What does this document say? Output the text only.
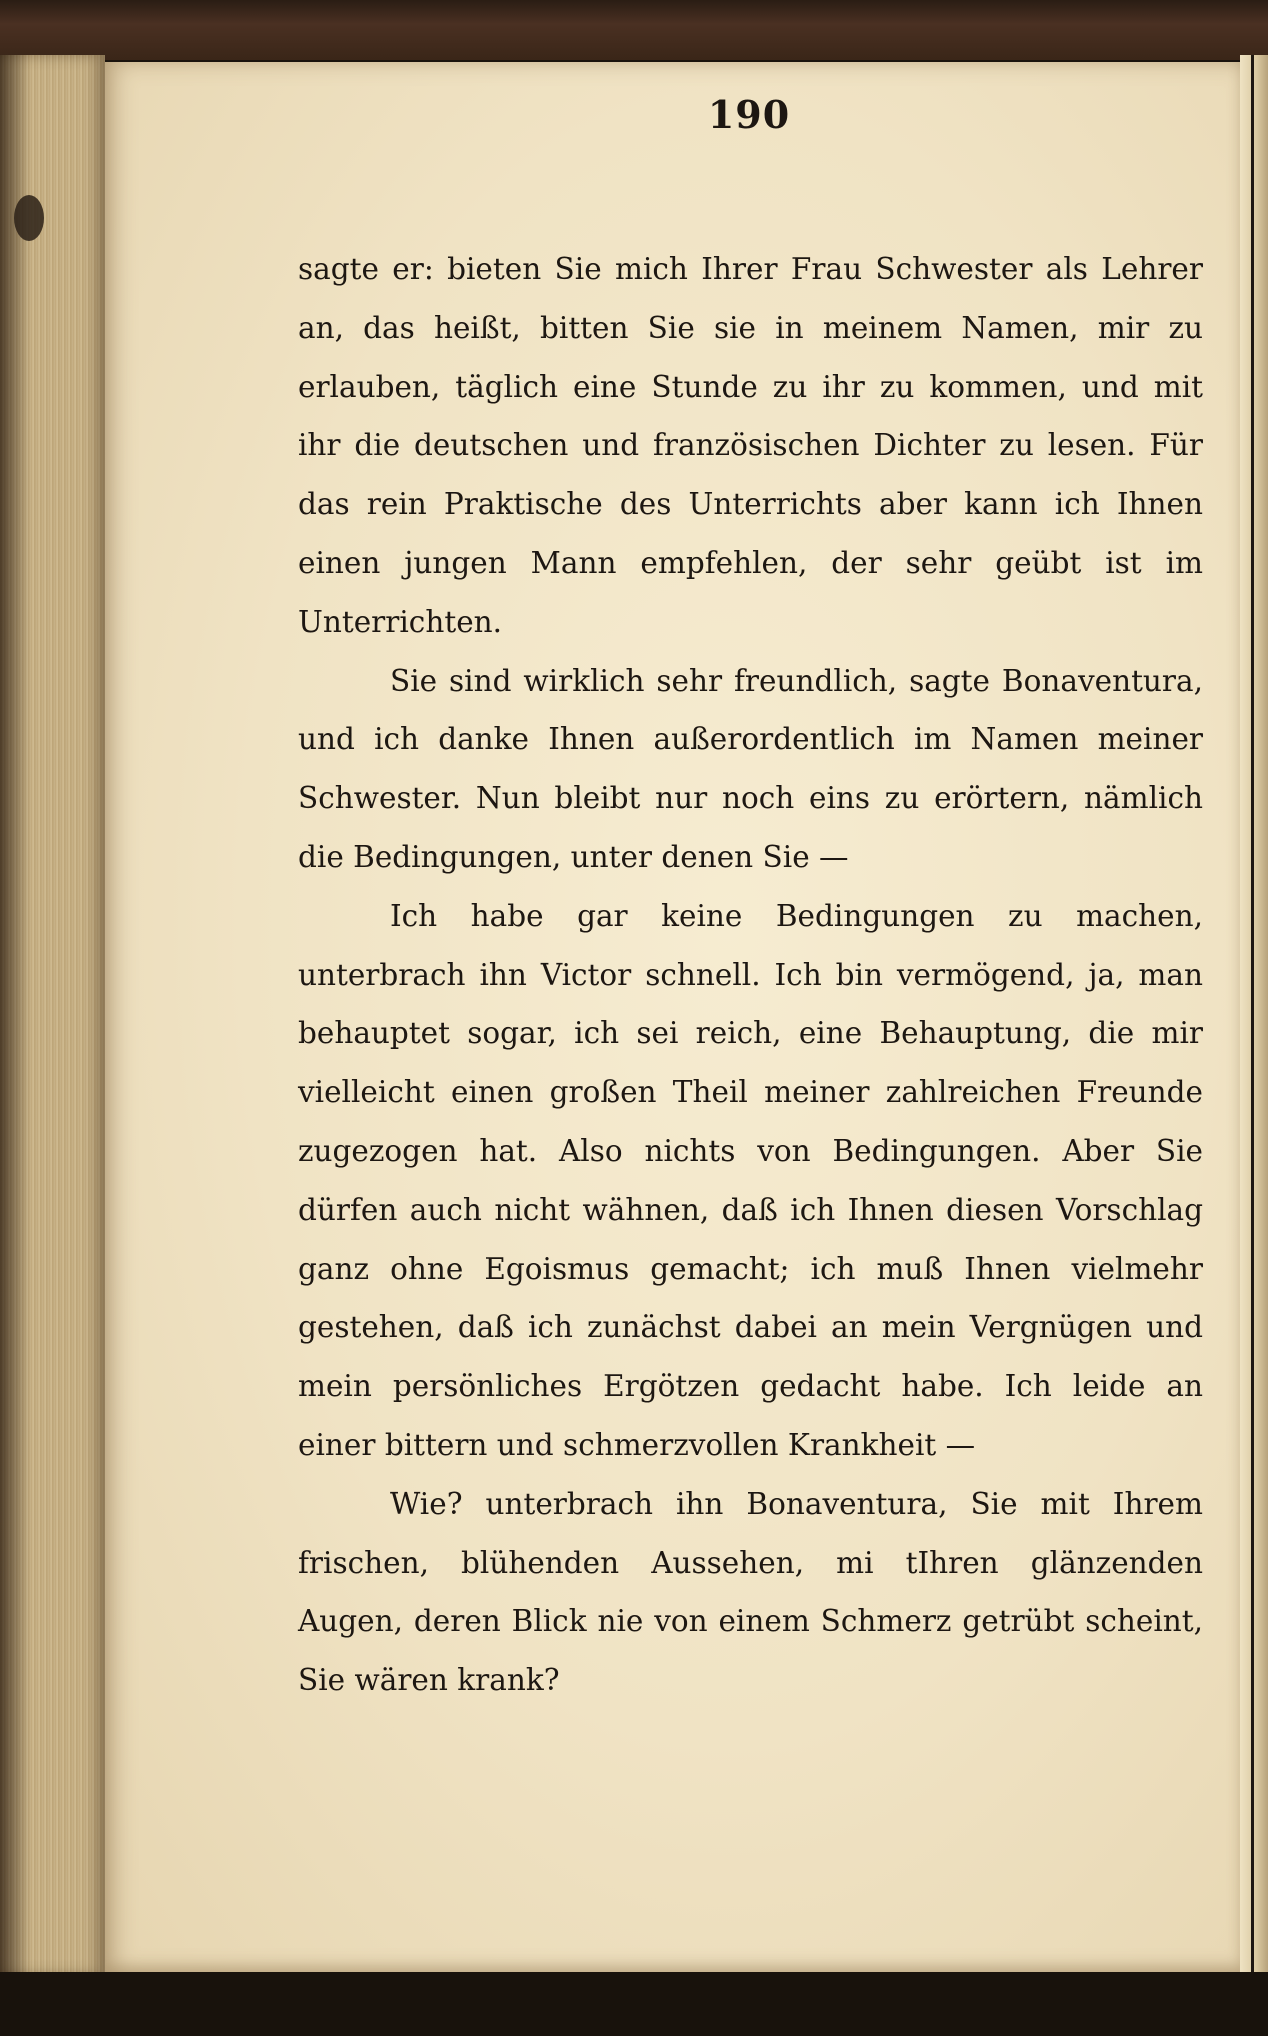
190

sagte er: bieten Sie mich Ihrer Frau Schwester als Lehrer an, das heißt, bitten Sie sie in meinem Namen, mir zu erlauben, täglich eine Stunde zu ihr zu kommen, und mit ihr die deutschen und französischen Dichter zu lesen. Für das rein Praktische des Unterrichts aber kann ich Ihnen einen jungen Mann empfehlen, der sehr geübt ist im Unterrichten.

Sie sind wirklich sehr freundlich, sagte Bonaventura, und ich danke Ihnen außerordentlich im Namen meiner Schwester. Nun bleibt nur noch eins zu erörtern, nämlich die Bedingungen, unter denen Sie —

Ich habe gar keine Bedingungen zu machen, unterbrach ihn Victor schnell. Ich bin vermögend, ja, man behauptet sogar, ich sei reich, eine Behauptung, die mir vielleicht einen großen Theil meiner zahlreichen Freunde zugezogen hat. Also nichts von Bedingungen. Aber Sie dürfen auch nicht wähnen, daß ich Ihnen diesen Vorschlag ganz ohne Egoismus gemacht; ich muß Ihnen vielmehr gestehen, daß ich zunächst dabei an mein Vergnügen und mein persönliches Ergötzen gedacht habe. Ich leide an einer bittern und schmerzvollen Krankheit —

Wie? unterbrach ihn Bonaventura, Sie mit Ihrem frischen, blühenden Aussehen, mi tIhren glänzenden Augen, deren Blick nie von einem Schmerz getrübt scheint, Sie wären krank?
